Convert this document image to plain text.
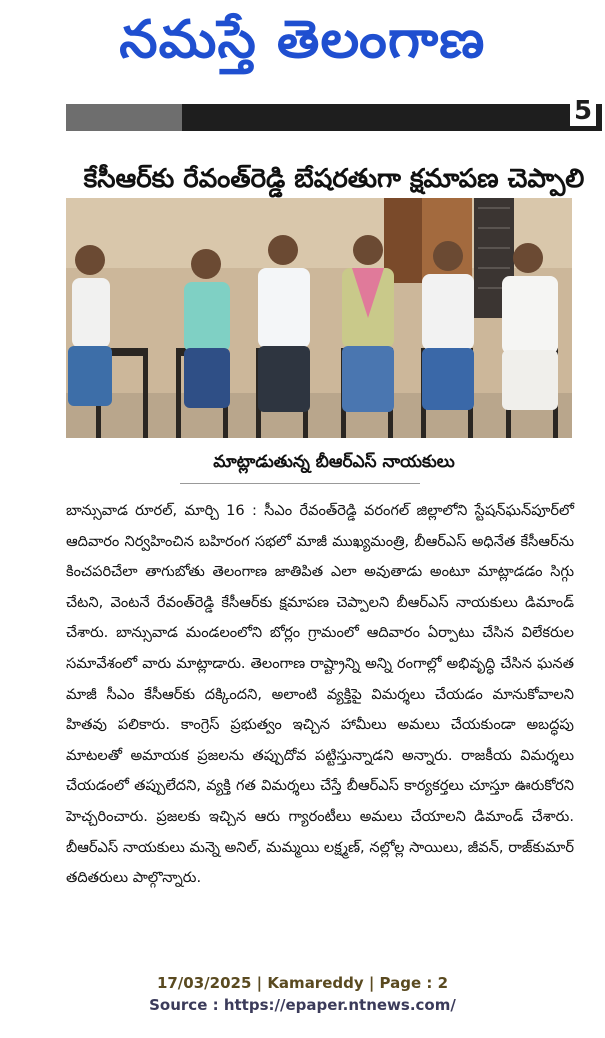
నమస్తే తెలంగాణ
5
కేసీఆర్‌కు రేవంత్‌రెడ్డి బేషరతుగా క్షమాపణ చెప్పాలి
మాట్లాడుతున్న బీఆర్‌ఎస్ నాయకులు
బాన్సువాడ రూరల్, మార్చి 16 : సీఎం రేవంత్‌రెడ్డి వరంగల్ జిల్లాలోని స్టేషన్‌ఘన్‌పూర్‌లో ఆదివారం నిర్వహించిన బహిరంగ సభలో మాజీ ముఖ్యమంత్రి, బీఆర్‌ఎస్ అధినేత కేసీఆర్‌ను కించపరిచేలా తాగుబోతు తెలంగాణ జాతిపిత ఎలా అవుతాడు అంటూ మాట్లాడడం సిగ్గు చేటని, వెంటనే రేవంత్‌రెడ్డి కేసీఆర్‌కు క్షమాపణ చెప్పాలని బీఆర్‌ఎస్ నాయకులు డిమాండ్ చేశారు. బాన్సువాడ మండలంలోని బోర్లం గ్రామంలో ఆదివారం ఏర్పాటు చేసిన విలేకరుల సమావేశంలో వారు మాట్లాడారు. తెలంగాణ రాష్ట్రాన్ని అన్ని రంగాల్లో అభివృద్ధి చేసిన ఘనత మాజీ సీఎం కేసీఆర్‌కు దక్కిందని, అలాంటి వ్యక్తిపై విమర్శలు చేయడం మానుకోవాలని హితవు పలికారు. కాంగ్రెస్ ప్రభుత్వం ఇచ్చిన హామీలు అమలు చేయకుండా అబద్ధపు మాటలతో అమాయక ప్రజలను తప్పుదోవ పట్టిస్తున్నాడని అన్నారు. రాజకీయ విమర్శలు చేయడంలో తప్పులేదని, వ్యక్తి గత విమర్శలు చేస్తే బీఆర్‌ఎస్ కార్యకర్తలు చూస్తూ ఊరుకోరని హెచ్చరించారు. ప్రజలకు ఇచ్చిన ఆరు గ్యారంటీలు అమలు చేయాలని డిమాండ్ చేశారు. బీఆర్‌ఎస్ నాయకులు మన్నె అనిల్, మమ్మయి లక్ష్మణ్, నల్లోల్ల సాయిలు, జీవన్, రాజ్‌కుమార్ తదితరులు పాల్గొన్నారు.
17/03/2025 | Kamareddy | Page : 2
Source : https://epaper.ntnews.com/
